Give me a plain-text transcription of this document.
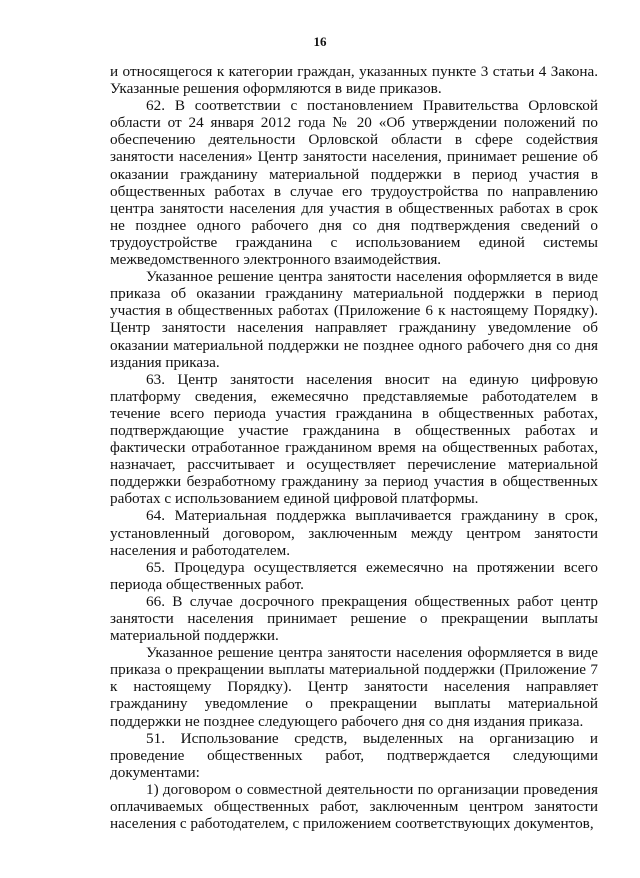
16

и относящегося к категории граждан, указанных пункте 3 статьи 4 Закона. Указанные решения оформляются в виде приказов.

62. В соответствии с постановлением Правительства Орловской области от 24 января 2012 года № 20 «Об утверждении положений по обеспечению деятельности Орловской области в сфере содействия занятости населения» Центр занятости населения, принимает решение об оказании гражданину материальной поддержки в период участия в общественных работах в случае его трудоустройства по направлению центра занятости населения для участия в общественных работах в срок не позднее одного рабочего дня со дня подтверждения сведений о трудоустройстве гражданина с использованием единой системы межведомственного электронного взаимодействия.

Указанное решение центра занятости населения оформляется в виде приказа об оказании гражданину материальной поддержки в период участия в общественных работах (Приложение 6 к настоящему Порядку). Центр занятости населения направляет гражданину уведомление об оказании материальной поддержки не позднее одного рабочего дня со дня издания приказа.

63. Центр занятости населения вносит на единую цифровую платформу сведения, ежемесячно представляемые работодателем в течение всего периода участия гражданина в общественных работах, подтверждающие участие гражданина в общественных работах и фактически отработанное гражданином время на общественных работах, назначает, рассчитывает и осуществляет перечисление материальной поддержки безработному гражданину за период участия в общественных работах с использованием единой цифровой платформы.

64. Материальная поддержка выплачивается гражданину в срок, установленный договором, заключенным между центром занятости населения и работодателем.

65. Процедура осуществляется ежемесячно на протяжении всего периода общественных работ.

66. В случае досрочного прекращения общественных работ центр занятости населения принимает решение о прекращении выплаты материальной поддержки.

Указанное решение центра занятости населения оформляется в виде приказа о прекращении выплаты материальной поддержки (Приложение 7 к настоящему Порядку). Центр занятости населения направляет гражданину уведомление о прекращении выплаты материальной поддержки не позднее следующего рабочего дня со дня издания приказа.

51. Использование средств, выделенных на организацию и проведение общественных работ, подтверждается следующими документами:

1) договором о совместной деятельности по организации проведения оплачиваемых общественных работ, заключенным центром занятости населения с работодателем, с приложением соответствующих документов,
